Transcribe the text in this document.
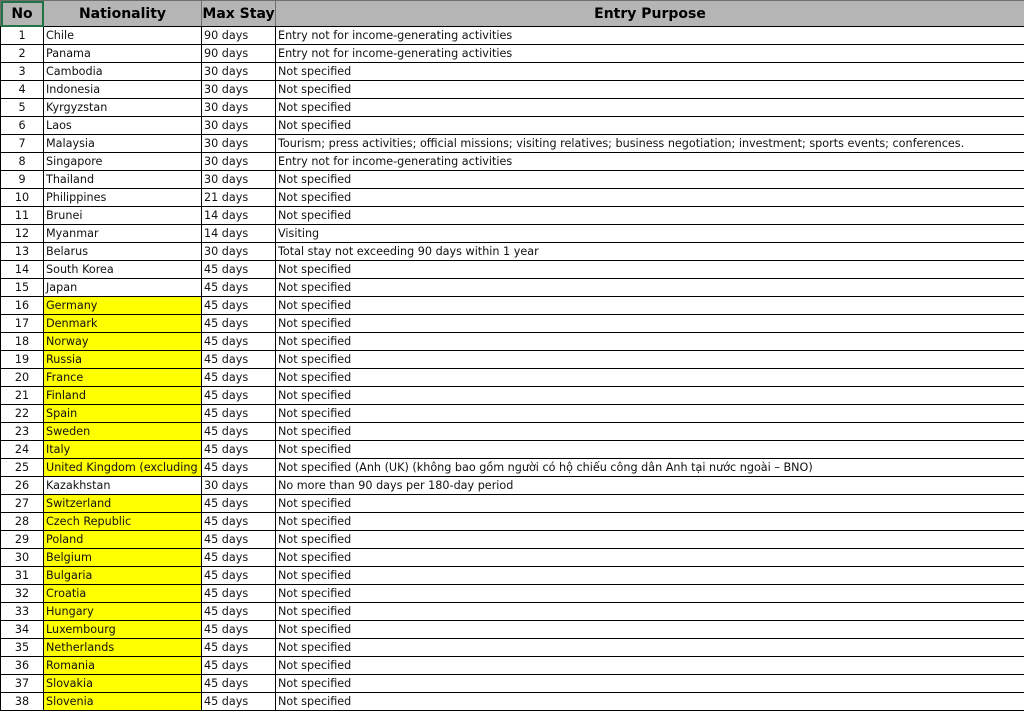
No	Nationality	Max Stay	Entry Purpose
1	Chile	90 days	Entry not for income-generating activities
2	Panama	90 days	Entry not for income-generating activities
3	Cambodia	30 days	Not specified
4	Indonesia	30 days	Not specified
5	Kyrgyzstan	30 days	Not specified
6	Laos	30 days	Not specified
7	Malaysia	30 days	Tourism; press activities; official missions; visiting relatives; business negotiation; investment; sports events; conferences.
8	Singapore	30 days	Entry not for income-generating activities
9	Thailand	30 days	Not specified
10	Philippines	21 days	Not specified
11	Brunei	14 days	Not specified
12	Myanmar	14 days	Visiting
13	Belarus	30 days	Total stay not exceeding 90 days within 1 year
14	South Korea	45 days	Not specified
15	Japan	45 days	Not specified
16	Germany	45 days	Not specified
17	Denmark	45 days	Not specified
18	Norway	45 days	Not specified
19	Russia	45 days	Not specified
20	France	45 days	Not specified
21	Finland	45 days	Not specified
22	Spain	45 days	Not specified
23	Sweden	45 days	Not specified
24	Italy	45 days	Not specified
25	United Kingdom (excluding	45 days	Not specified (Anh (UK) (không bao gồm người có hộ chiếu công dân Anh tại nước ngoài – BNO)
26	Kazakhstan	30 days	No more than 90 days per 180-day period
27	Switzerland	45 days	Not specified
28	Czech Republic	45 days	Not specified
29	Poland	45 days	Not specified
30	Belgium	45 days	Not specified
31	Bulgaria	45 days	Not specified
32	Croatia	45 days	Not specified
33	Hungary	45 days	Not specified
34	Luxembourg	45 days	Not specified
35	Netherlands	45 days	Not specified
36	Romania	45 days	Not specified
37	Slovakia	45 days	Not specified
38	Slovenia	45 days	Not specified
